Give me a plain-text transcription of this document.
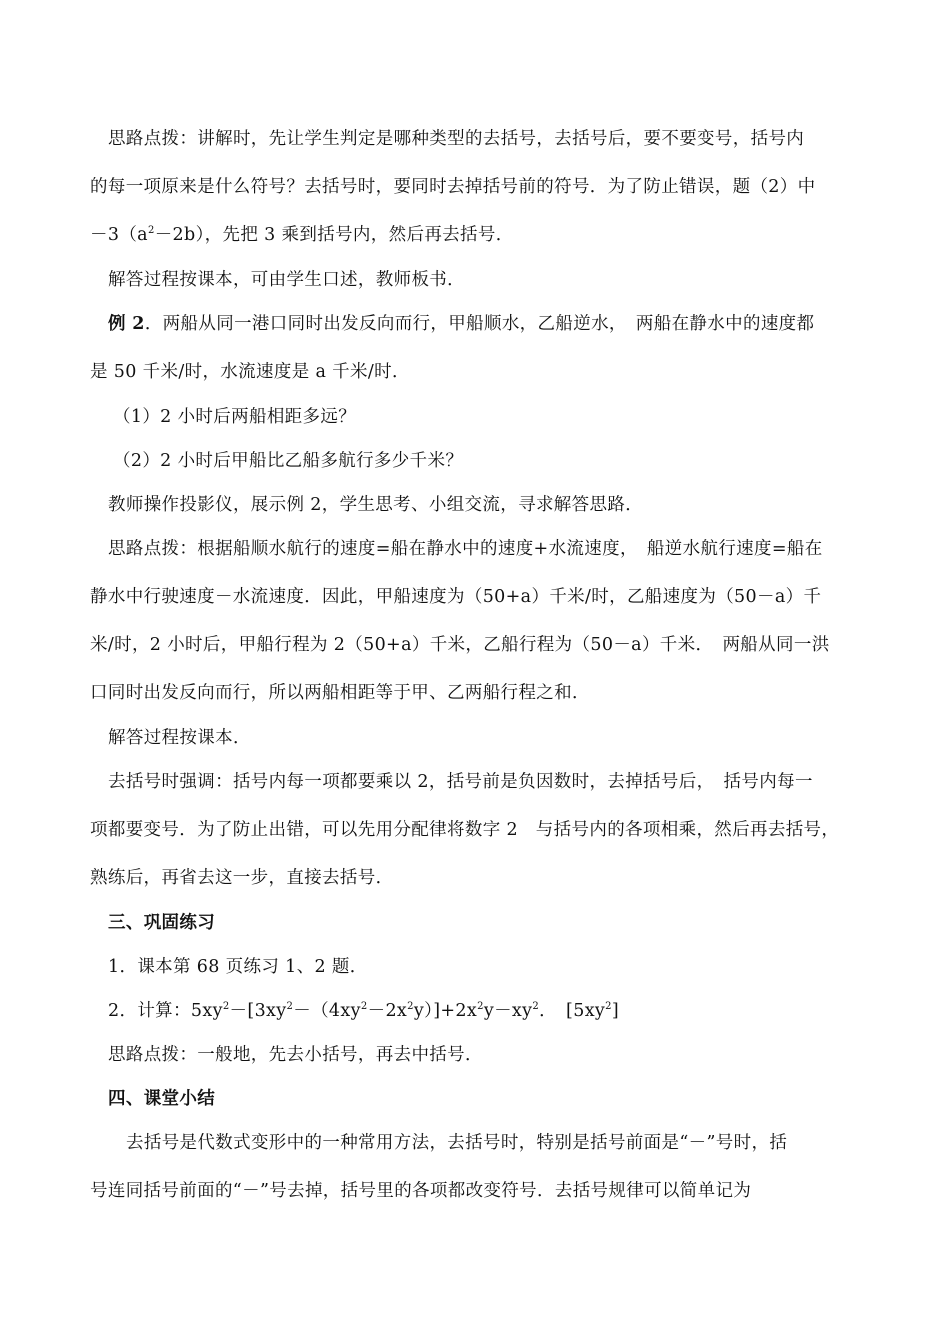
思路点拨：讲解时，先让学生判定是哪种类型的去括号，去括号后，要不要变号，括号内
的每一项原来是什么符号？去括号时，要同时去掉括号前的符号．为了防止错误，题（2）中
$-3(a^2-2b)$，先把 3 乘到括号内，然后再去括号．
解答过程按课本，可由学生口述，教师板书．
例 2．两船从同一港口同时出发反向而行，甲船顺水，乙船逆水，　两船在静水中的速度都
是 50 千米/时，水流速度是 a 千米/时．
（1）2 小时后两船相距多远？
（2）2 小时后甲船比乙船多航行多少千米？
教师操作投影仪，展示例 2，学生思考、小组交流，寻求解答思路．
思路点拨：根据船顺水航行的速度=船在静水中的速度+水流速度，　船逆水航行速度=船在
静水中行驶速度－水流速度．因此，甲船速度为（50+a）千米/时，乙船速度为（50－a）千
米/时，2 小时后，甲船行程为 2（50+a）千米，乙船行程为（50－a）千米．　两船从同一洪
口同时出发反向而行，所以两船相距等于甲、乙两船行程之和．
解答过程按课本．
去括号时强调：括号内每一项都要乘以 2，括号前是负因数时，去掉括号后，　括号内每一
项都要变号．为了防止出错，可以先用分配律将数字 2　与括号内的各项相乘，然后再去括号，
熟练后，再省去这一步，直接去括号．
三、巩固练习
1．课本第 68 页练习 1、2 题．
2．计算：$5xy^2-[3xy^2-(4xy^2-2x^2y)]+2x^2y-xy^2$．　$[5xy^2]$
思路点拨：一般地，先去小括号，再去中括号．
四、课堂小结
去括号是代数式变形中的一种常用方法，去括号时，特别是括号前面是“－”号时，括
号连同括号前面的“－”号去掉，括号里的各项都改变符号．去括号规律可以简单记为
